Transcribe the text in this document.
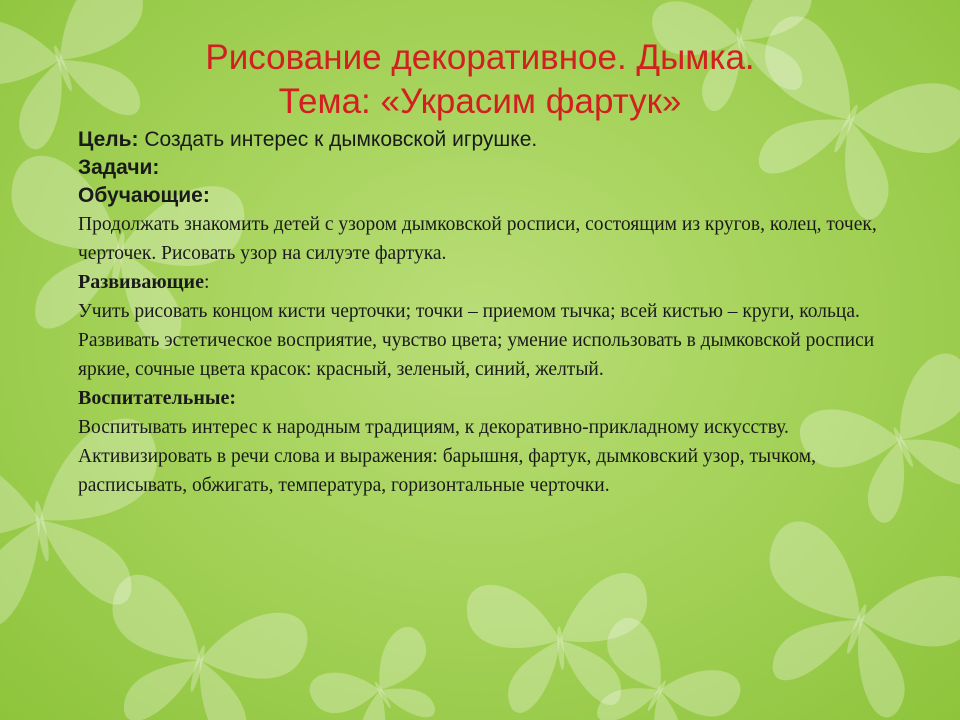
Рисование декоративное. Дымка.
Тема: «Украсим фартук»
Цель: Создать интерес к дымковской игрушке.
Задачи:
Обучающие:
Продолжать знакомить детей с узором дымковской росписи, состоящим из кругов, колец, точек, черточек. Рисовать узор на силуэте фартука.
Развивающие:
Учить рисовать концом кисти черточки; точки – приемом тычка; всей кистью – круги, кольца.
Развивать эстетическое восприятие, чувство цвета; умение использовать в дымковской росписи яркие, сочные цвета красок: красный, зеленый, синий, желтый.
Воспитательные:
Воспитывать интерес к народным традициям, к декоративно-прикладному искусству.
Активизировать в речи слова и выражения: барышня, фартук, дымковский узор, тычком, расписывать, обжигать, температура, горизонтальные черточки.
